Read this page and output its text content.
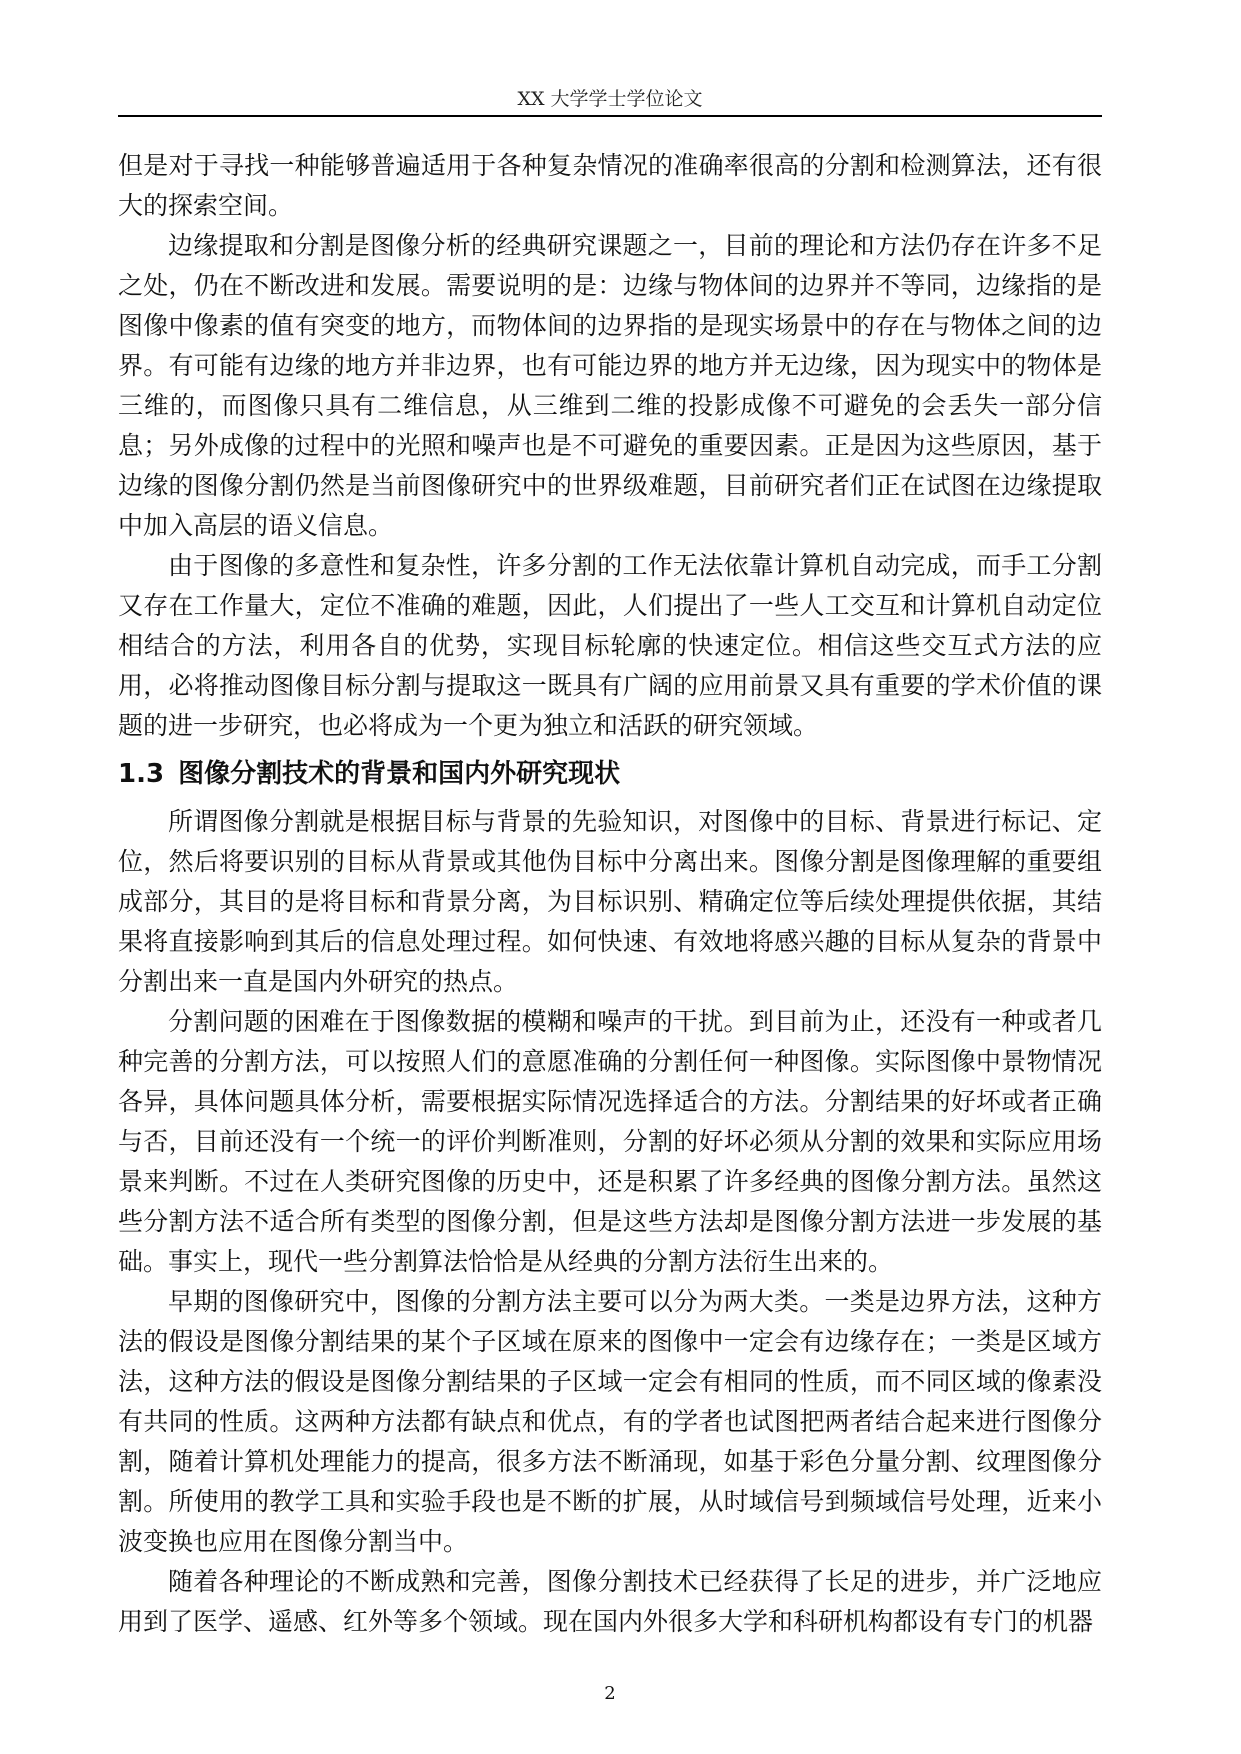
XX 大学学士学位论文

但是对于寻找一种能够普遍适用于各种复杂情况的准确率很高的分割和检测算法，还有很大的探索空间。

边缘提取和分割是图像分析的经典研究课题之一，目前的理论和方法仍存在许多不足之处，仍在不断改进和发展。需要说明的是：边缘与物体间的边界并不等同，边缘指的是图像中像素的值有突变的地方，而物体间的边界指的是现实场景中的存在与物体之间的边界。有可能有边缘的地方并非边界，也有可能边界的地方并无边缘，因为现实中的物体是三维的，而图像只具有二维信息，从三维到二维的投影成像不可避免的会丢失一部分信息；另外成像的过程中的光照和噪声也是不可避免的重要因素。正是因为这些原因，基于边缘的图像分割仍然是当前图像研究中的世界级难题，目前研究者们正在试图在边缘提取中加入高层的语义信息。

由于图像的多意性和复杂性，许多分割的工作无法依靠计算机自动完成，而手工分割又存在工作量大，定位不准确的难题，因此，人们提出了一些人工交互和计算机自动定位相结合的方法，利用各自的优势，实现目标轮廓的快速定位。相信这些交互式方法的应用，必将推动图像目标分割与提取这一既具有广阔的应用前景又具有重要的学术价值的课题的进一步研究，也必将成为一个更为独立和活跃的研究领域。

1.3 图像分割技术的背景和国内外研究现状

所谓图像分割就是根据目标与背景的先验知识，对图像中的目标、背景进行标记、定位，然后将要识别的目标从背景或其他伪目标中分离出来。图像分割是图像理解的重要组成部分，其目的是将目标和背景分离，为目标识别、精确定位等后续处理提供依据，其结果将直接影响到其后的信息处理过程。如何快速、有效地将感兴趣的目标从复杂的背景中分割出来一直是国内外研究的热点。

分割问题的困难在于图像数据的模糊和噪声的干扰。到目前为止，还没有一种或者几种完善的分割方法，可以按照人们的意愿准确的分割任何一种图像。实际图像中景物情况各异，具体问题具体分析，需要根据实际情况选择适合的方法。分割结果的好坏或者正确与否，目前还没有一个统一的评价判断准则，分割的好坏必须从分割的效果和实际应用场景来判断。不过在人类研究图像的历史中，还是积累了许多经典的图像分割方法。虽然这些分割方法不适合所有类型的图像分割，但是这些方法却是图像分割方法进一步发展的基础。事实上，现代一些分割算法恰恰是从经典的分割方法衍生出来的。

早期的图像研究中，图像的分割方法主要可以分为两大类。一类是边界方法，这种方法的假设是图像分割结果的某个子区域在原来的图像中一定会有边缘存在；一类是区域方法，这种方法的假设是图像分割结果的子区域一定会有相同的性质，而不同区域的像素没有共同的性质。这两种方法都有缺点和优点，有的学者也试图把两者结合起来进行图像分割，随着计算机处理能力的提高，很多方法不断涌现，如基于彩色分量分割、纹理图像分割。所使用的教学工具和实验手段也是不断的扩展，从时域信号到频域信号处理，近来小波变换也应用在图像分割当中。

随着各种理论的不断成熟和完善，图像分割技术已经获得了长足的进步，并广泛地应用到了医学、遥感、红外等多个领域。现在国内外很多大学和科研机构都设有专门的机器

2
